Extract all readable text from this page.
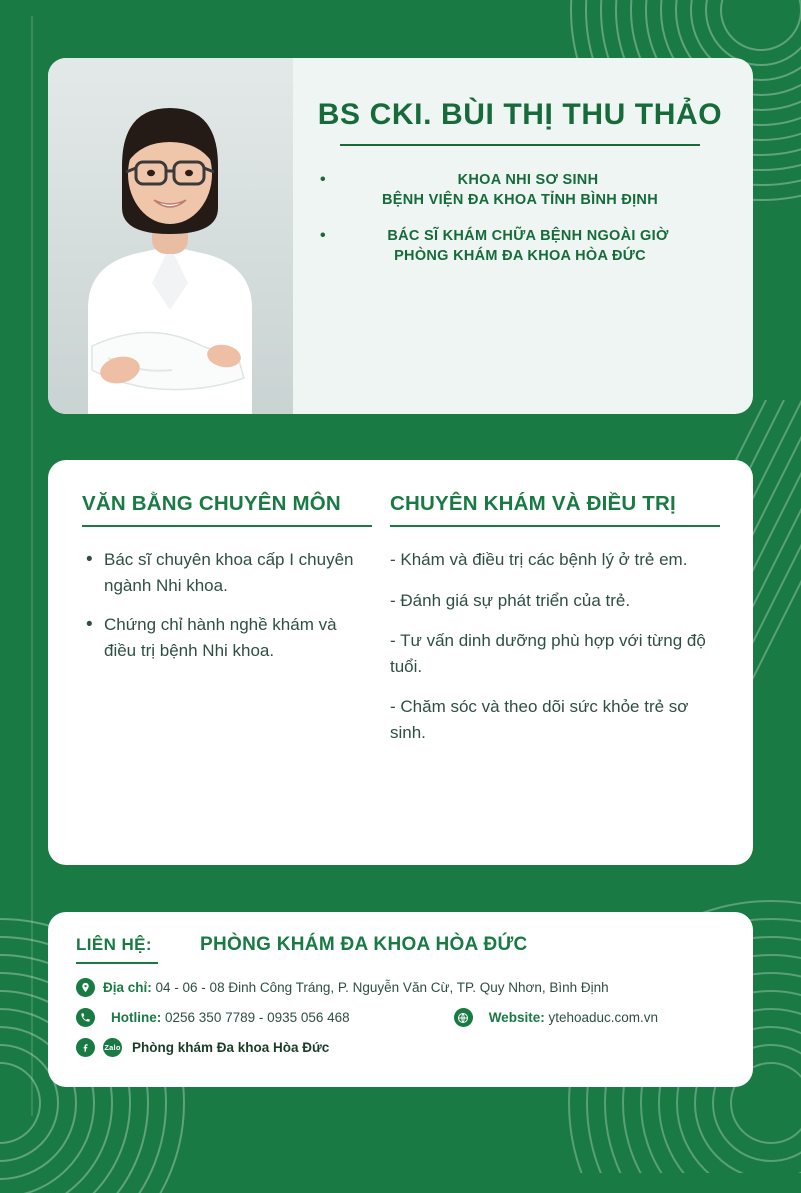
BS CKI. BÙI THỊ THU THẢO
• KHOA NHI SƠ SINH
BỆNH VIỆN ĐA KHOA TỈNH BÌNH ĐỊNH
• BÁC SĨ KHÁM CHỮA BỆNH NGOÀI GIỜ
PHÒNG KHÁM ĐA KHOA HÒA ĐỨC
VĂN BẰNG CHUYÊN MÔN
• Bác sĩ chuyên khoa cấp I chuyên ngành Nhi khoa.
• Chứng chỉ hành nghề khám và điều trị bệnh Nhi khoa.
CHUYÊN KHÁM VÀ ĐIỀU TRỊ

- Khám và điều trị các bệnh lý ở trẻ em.

- Đánh giá sự phát triển của trẻ.

- Tư vấn dinh dưỡng phù hợp với từng độ tuổi.

- Chăm sóc và theo dõi sức khỏe trẻ sơ sinh.

LIÊN HỆ:	PHÒNG KHÁM ĐA KHOA HÒA ĐỨC
Địa chỉ: 04 - 06 - 08 Đinh Công Tráng, P. Nguyễn Văn Cừ, TP. Quy Nhơn, Bình Định
Hotline: 0256 350 7789 - 0935 056 468	Website: ytehoaduc.com.vn
Zalo Phòng khám Đa khoa Hòa Đức
